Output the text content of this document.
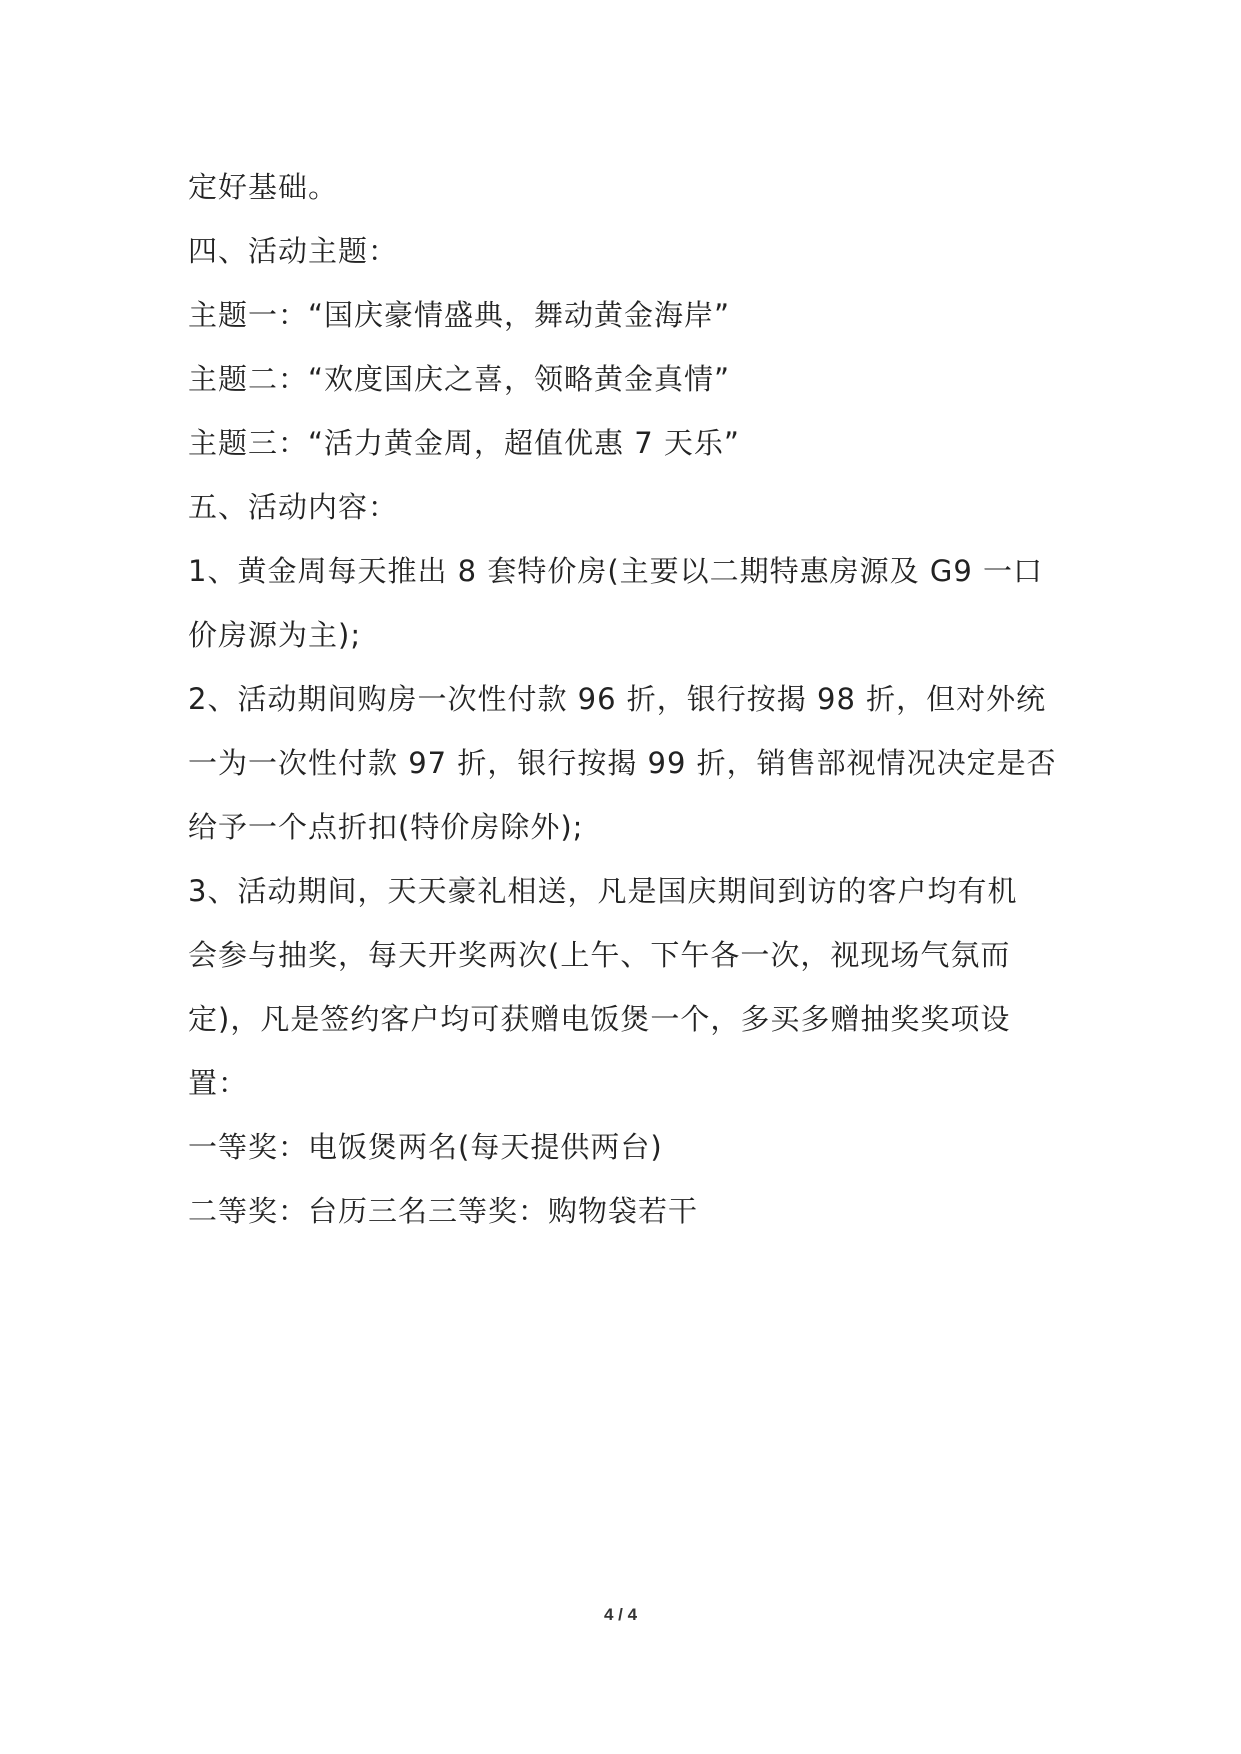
定好基础。
四、活动主题：
主题一：“国庆豪情盛典，舞动黄金海岸”
主题二：“欢度国庆之喜，领略黄金真情”
主题三：“活力黄金周，超值优惠 7 天乐”
五、活动内容：
1、黄金周每天推出 8 套特价房(主要以二期特惠房源及 G9 一口
价房源为主);
2、活动期间购房一次性付款 96 折，银行按揭 98 折，但对外统
一为一次性付款 97 折，银行按揭 99 折，销售部视情况决定是否
给予一个点折扣(特价房除外);
3、活动期间，天天豪礼相送，凡是国庆期间到访的客户均有机
会参与抽奖，每天开奖两次(上午、下午各一次，视现场气氛而
定)，凡是签约客户均可获赠电饭煲一个，多买多赠抽奖奖项设
置：
一等奖：电饭煲两名(每天提供两台)
二等奖：台历三名三等奖：购物袋若干
4 / 4
